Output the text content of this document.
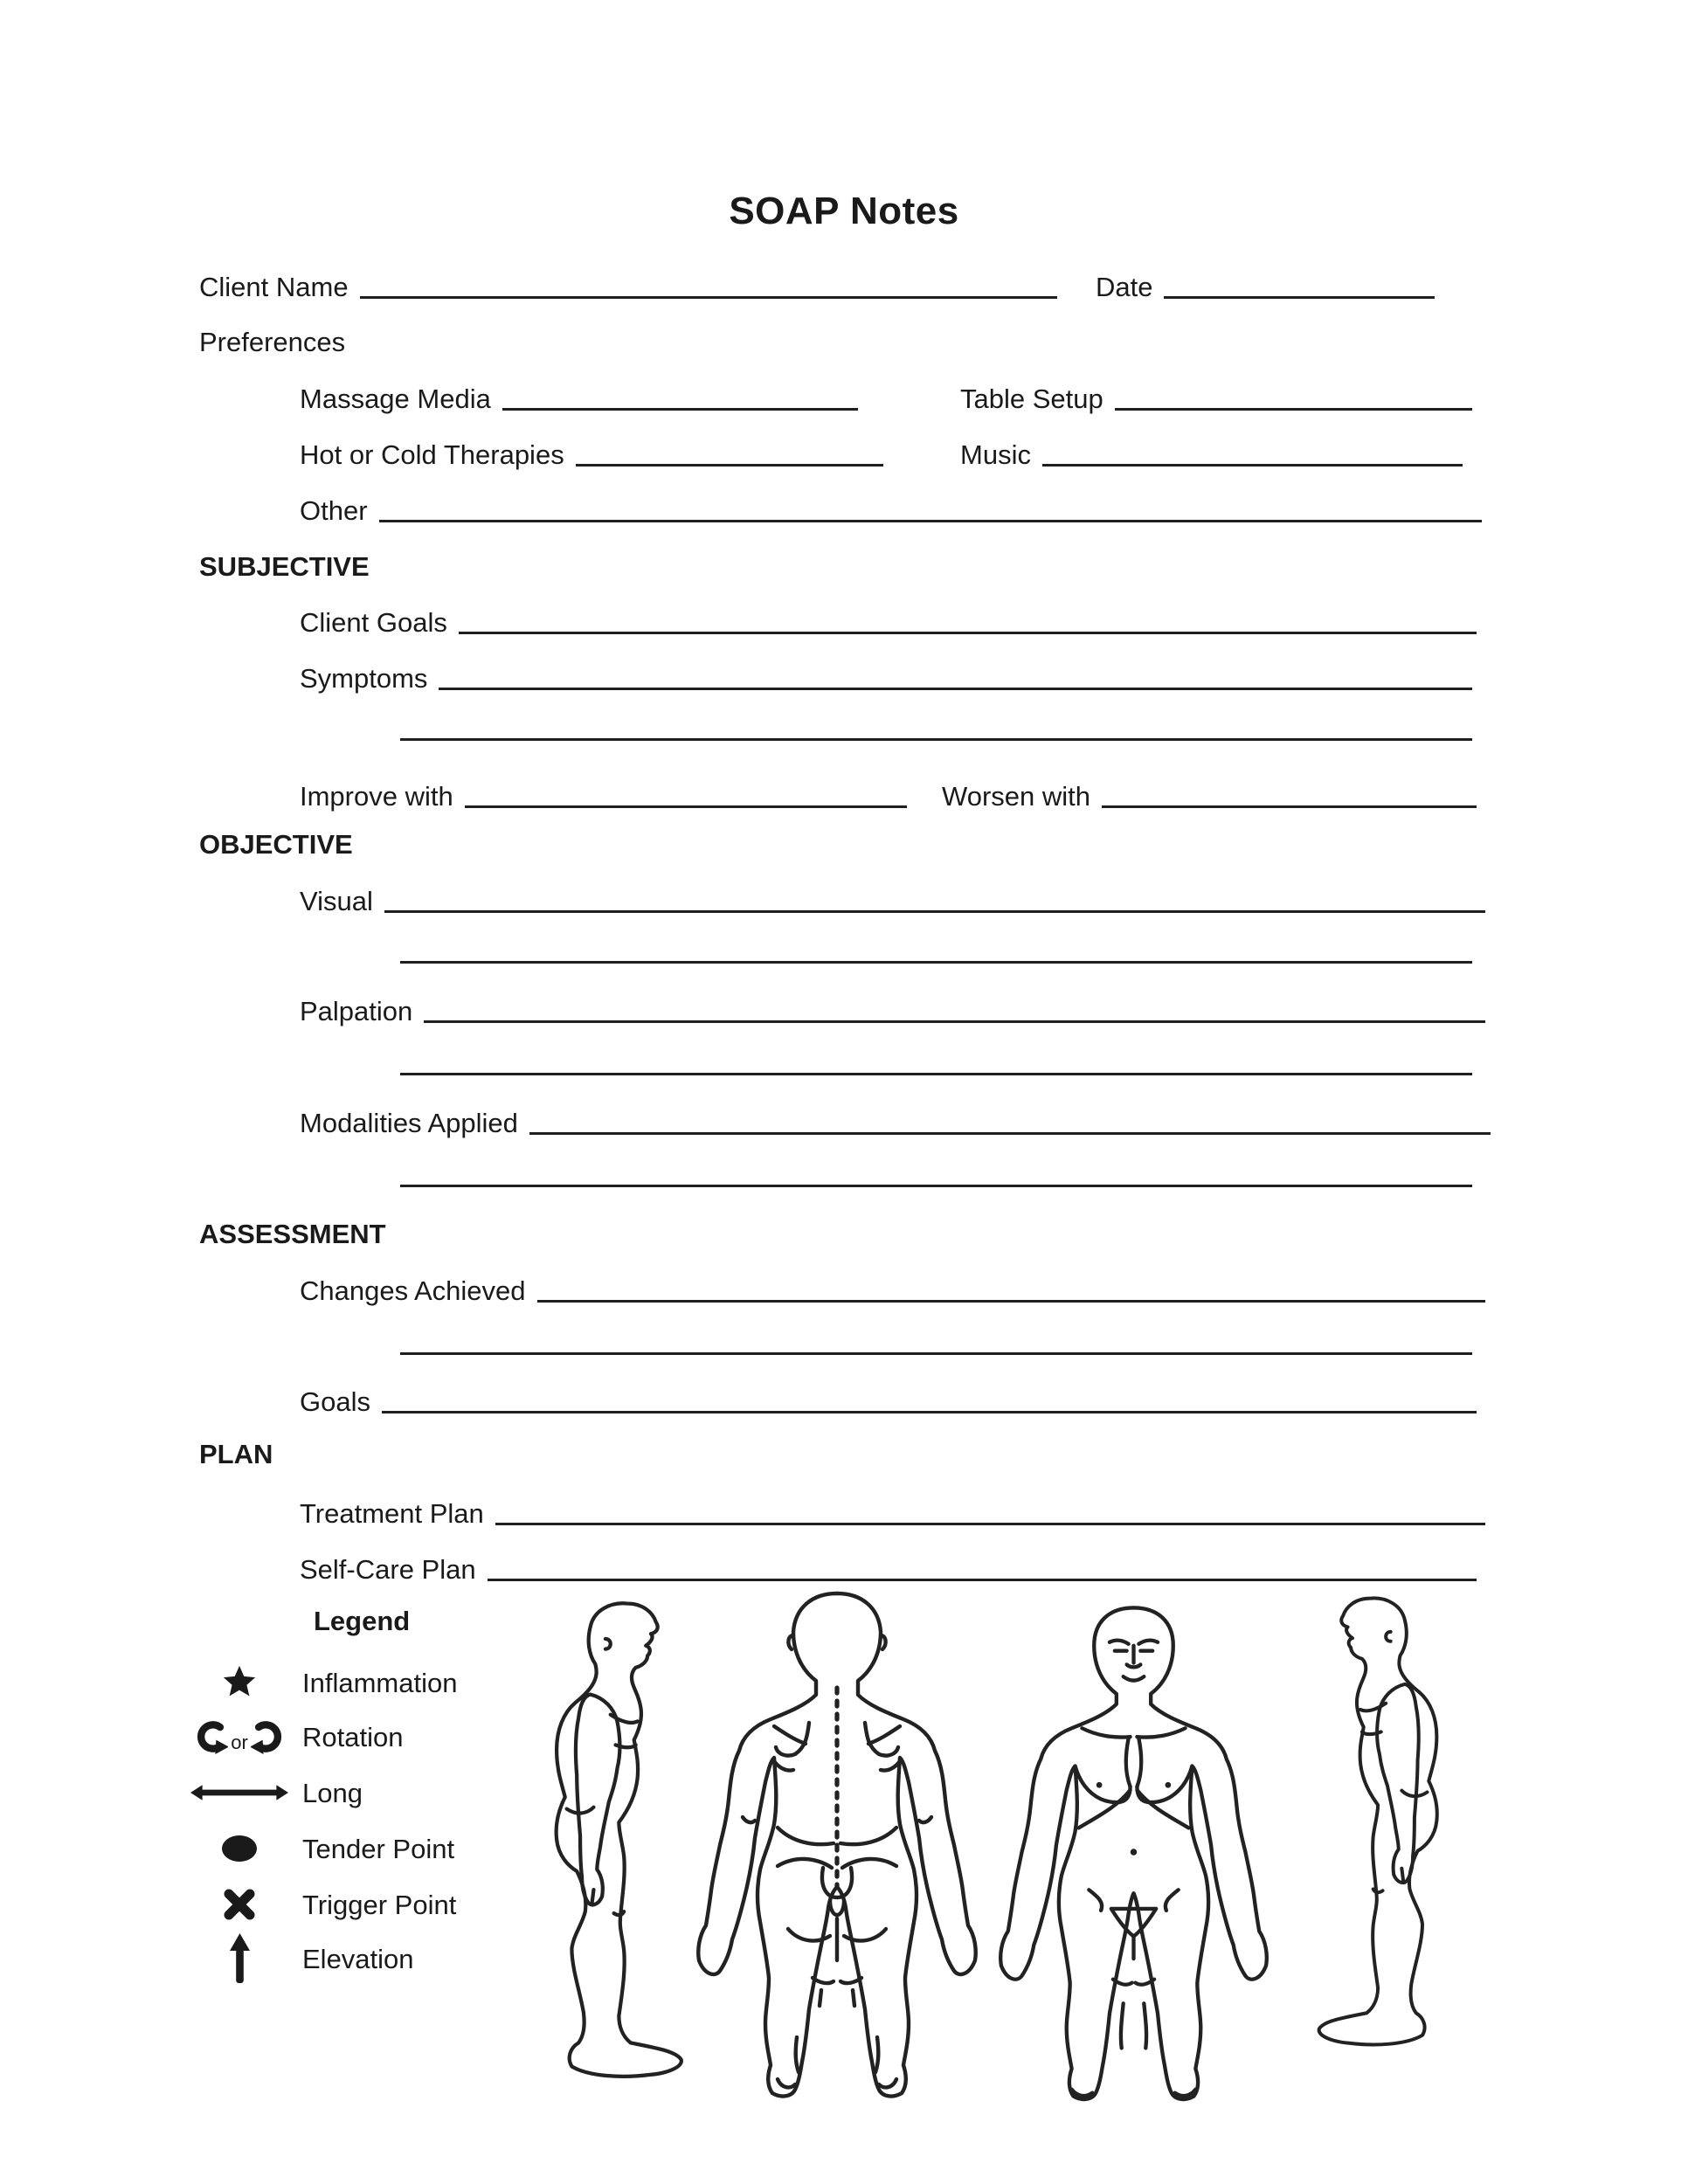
SOAP Notes
Client Name	Date
Preferences
Massage Media	Table Setup
Hot or Cold Therapies	Music
Other
SUBJECTIVE
Client Goals
Symptoms
Improve with	Worsen with
OBJECTIVE
Visual
Palpation
Modalities Applied
ASSESSMENT
Changes Achieved
Goals
PLAN
Treatment Plan
Self-Care Plan
Legend
Inflammation
or Rotation
Long
Tender Point
Trigger Point
Elevation
